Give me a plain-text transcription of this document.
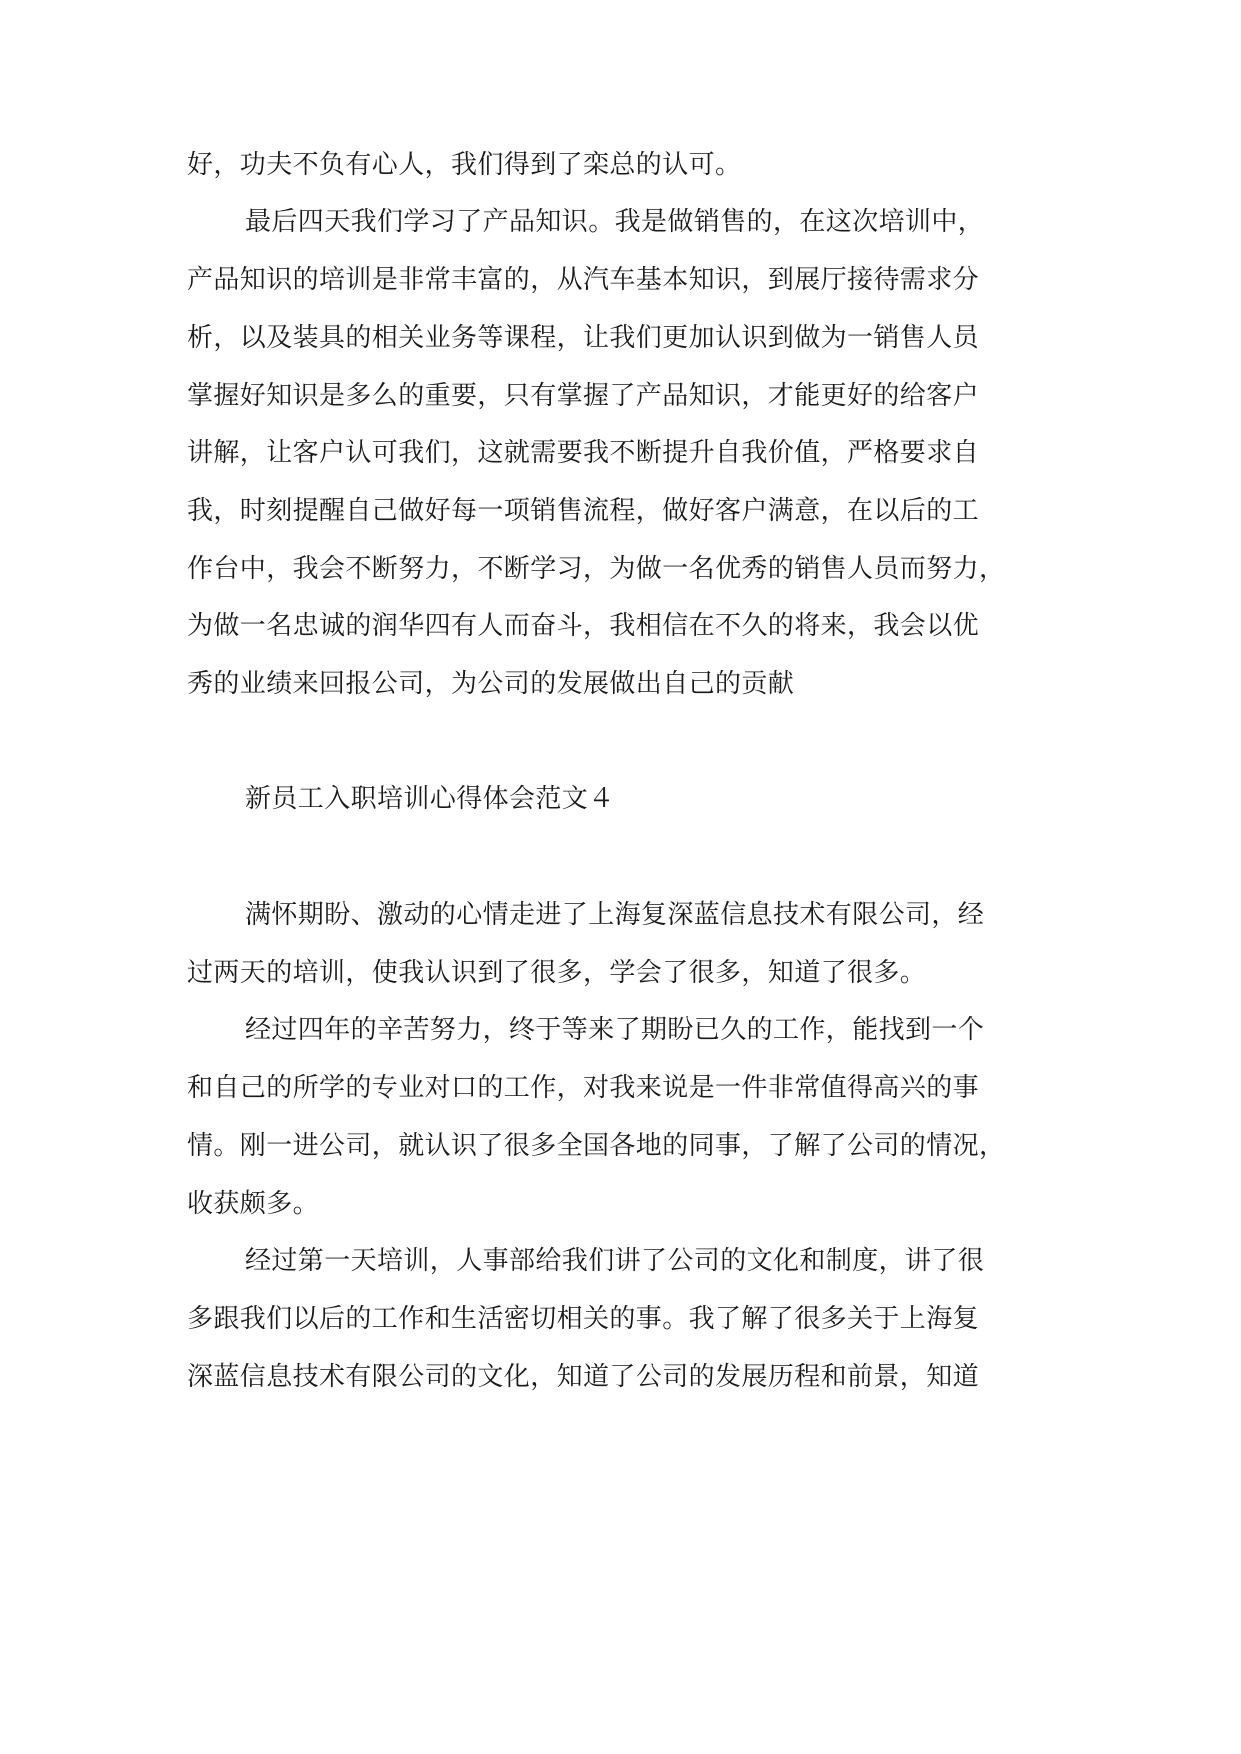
好，功夫不负有心人，我们得到了栾总的认可。
最后四天我们学习了产品知识。我是做销售的，在这次培训中，
产品知识的培训是非常丰富的，从汽车基本知识，到展厅接待需求分
析，以及装具的相关业务等课程，让我们更加认识到做为一销售人员
掌握好知识是多么的重要，只有掌握了产品知识，才能更好的给客户
讲解，让客户认可我们，这就需要我不断提升自我价值，严格要求自
我，时刻提醒自己做好每一项销售流程，做好客户满意，在以后的工
作台中，我会不断努力，不断学习，为做一名优秀的销售人员而努力，
为做一名忠诚的润华四有人而奋斗，我相信在不久的将来，我会以优
秀的业绩来回报公司，为公司的发展做出自己的贡献
新员工入职培训心得体会范文４
满怀期盼、激动的心情走进了上海复深蓝信息技术有限公司，经
过两天的培训，使我认识到了很多，学会了很多，知道了很多。
经过四年的辛苦努力，终于等来了期盼已久的工作，能找到一个
和自己的所学的专业对口的工作，对我来说是一件非常值得高兴的事
情。刚一进公司，就认识了很多全国各地的同事，了解了公司的情况，
收获颇多。
经过第一天培训，人事部给我们讲了公司的文化和制度，讲了很
多跟我们以后的工作和生活密切相关的事。我了解了很多关于上海复
深蓝信息技术有限公司的文化，知道了公司的发展历程和前景，知道
